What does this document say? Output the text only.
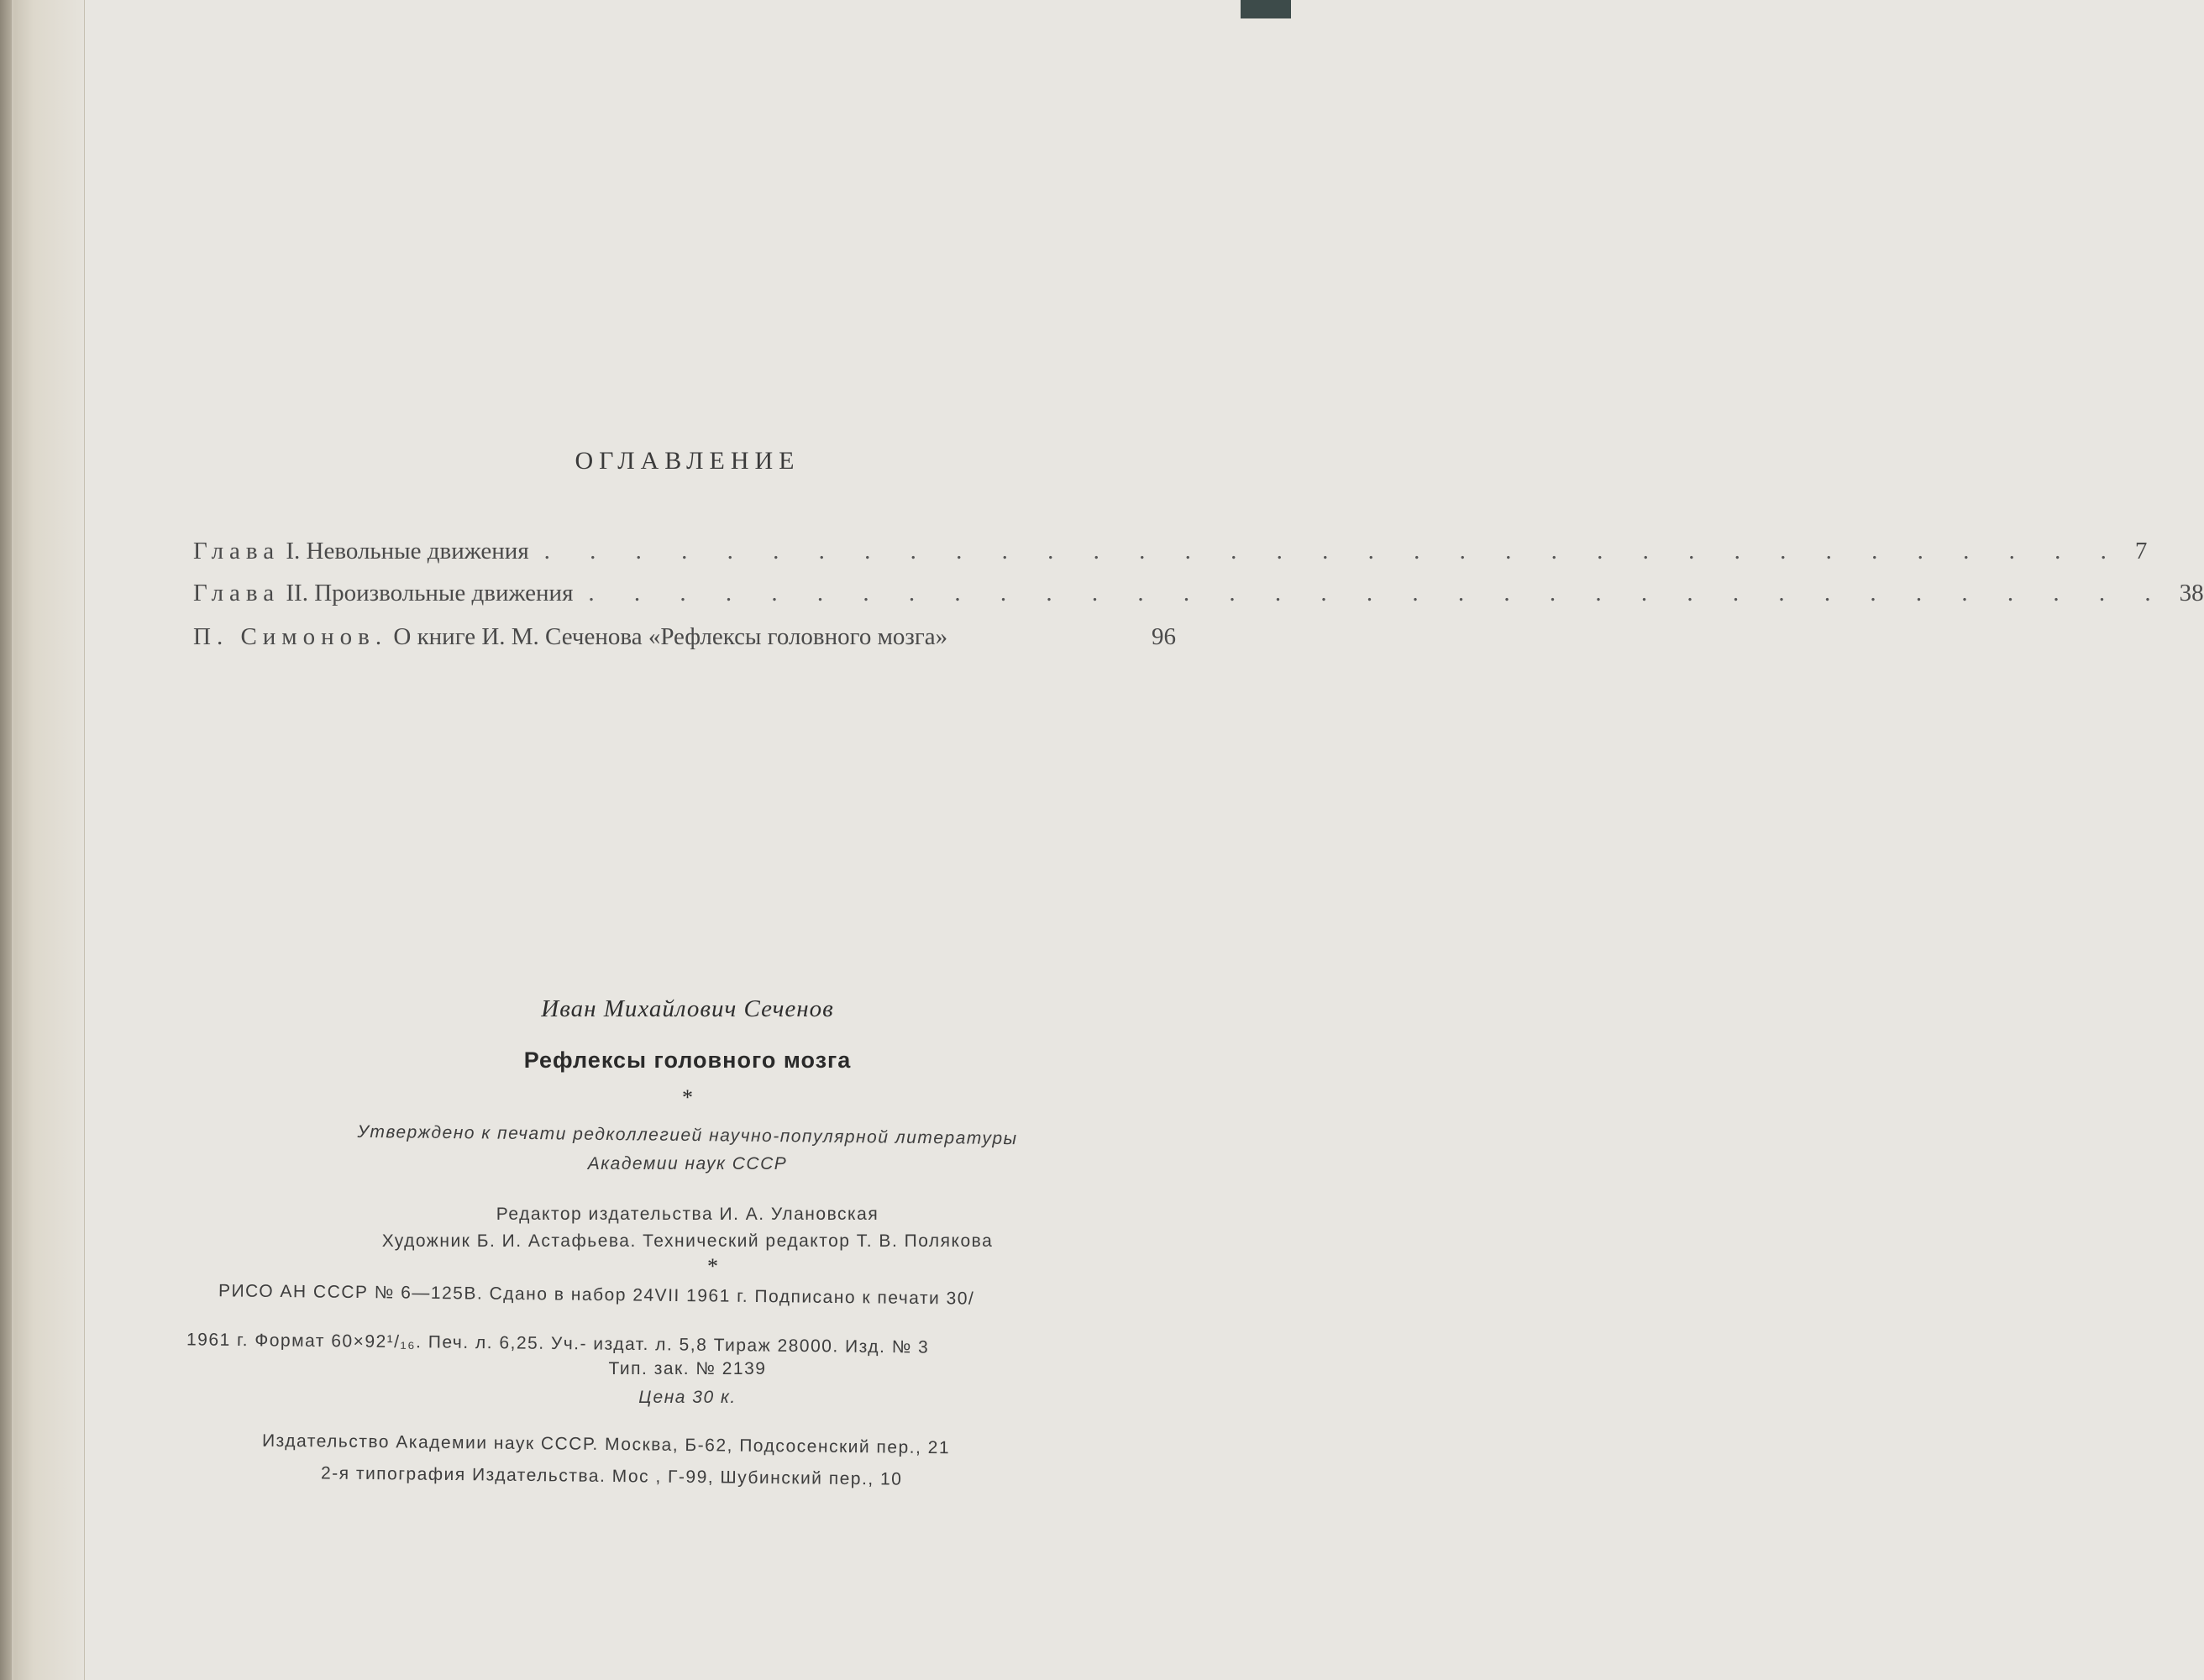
ОГЛАВЛЕНИЕ
Глава I. Невольные движения . . . . . . . . . . . . . . . . . . . . . . . . . . . . . . . . . . . 7
Глава II. Произвольные движения . . . . . . . . . . . . . . . . . . . . . . . . . . . . . . . . . . . 38
П. Симонов. О книге И. М. Сеченова «Рефлексы головного мозга»	96
Иван Михайлович Сеченов
Рефлексы головного мозга
*
Утверждено к печати редколлегией научно-популярной литературы
Академии наук СССР
Редактор издательства И. А. Улановская
Художник Б. И. Астафьева. Технический редактор Т. В. Полякова
*
РИСО АН СССР № 6—125В. Сдано в набор 24VII 1961 г. Подписано к печати 30/
1961 г. Формат 60×92¹/₁₆. Печ. л. 6,25. Уч.- издат. л. 5,8 Тираж 28000. Изд. № 3
Тип. зак. № 2139
Цена 30 к.
Издательство Академии наук СССР. Москва, Б-62, Подсосенский пер., 21
2-я типография Издательства. Мос , Г-99, Шубинский пер., 10
